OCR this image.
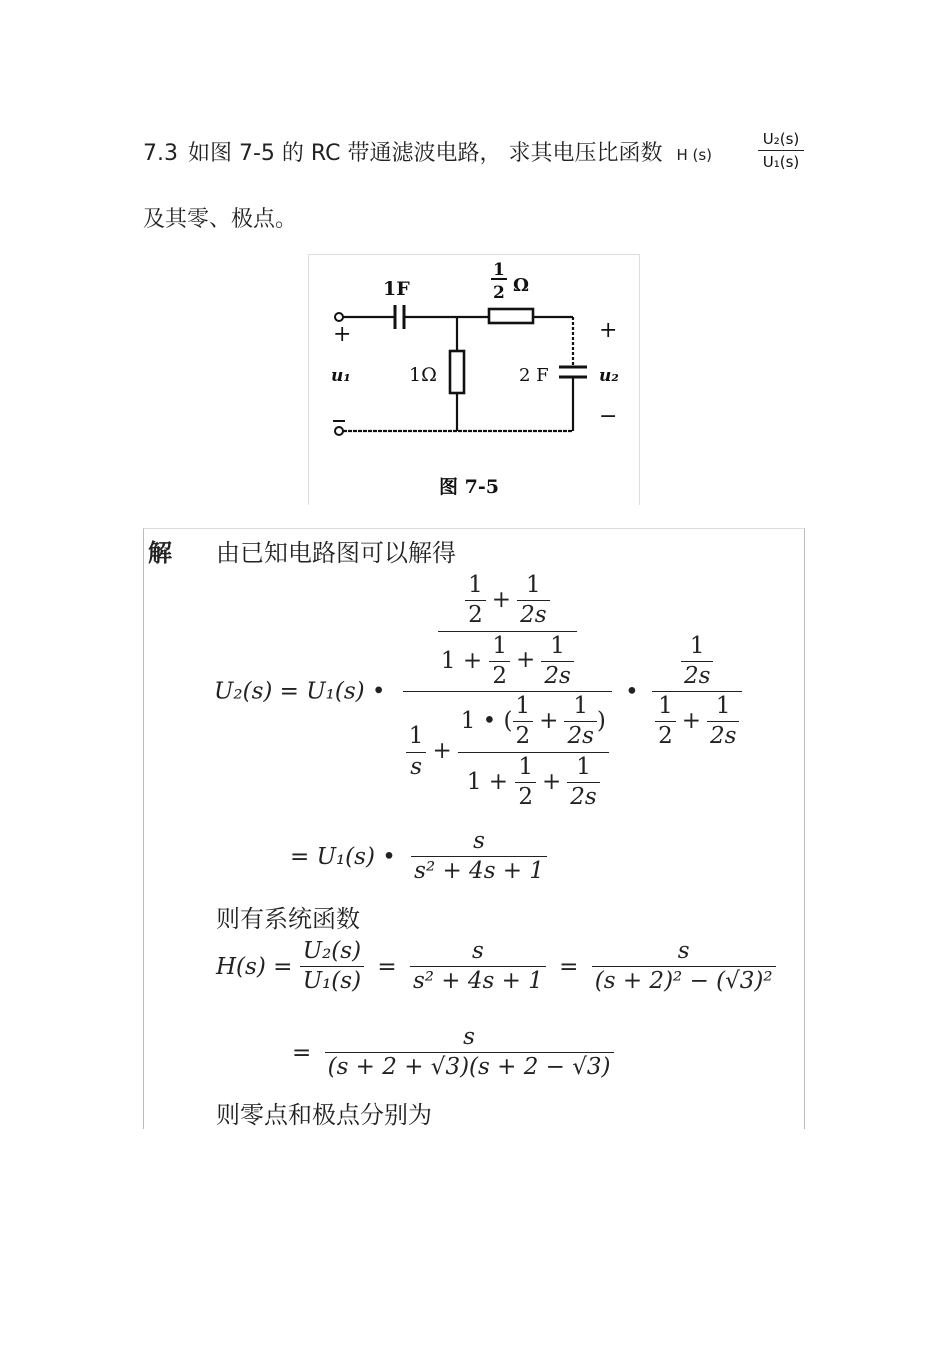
7.3 如图 7-5 的 RC 带通滤波电路， 求其电压比函数 H (s)
U₂(s)
U₁(s)
及其零、极点。
1F
1
2 Ω
1Ω	2 F
u₁	u₂
+	+
−
图 7-5
解 由已知电路图可以解得
U₂(s) = U₁(s) •
$\frac{\frac{1}{2} + \frac{1}{2s}}{1 + \frac{1}{2} + \frac{1}{2s}}$
$\frac{1}{s} + \frac{1 • ( \frac{1}{2} + \frac{1}{2s} )}{1 + \frac{1}{2} + \frac{1}{2s}}$
• $\frac{\frac{1}{2s}}{\frac{1}{2} + \frac{1}{2s}}$
= U₁(s) • $\frac{s}{\text{s² + 4s + 1}}$
则有系统函数
$H(s) = \frac{\text{U₂(s)}}{\text{U₁(s)}} = \frac{s}{\text{s² + 4s + 1}} = \frac{s}{\text{(s + 2)² − (√3)²}}$
= $\frac{s}{(s + 2 + √3)(s + 2 - √3)}$
则零点和极点分别为
